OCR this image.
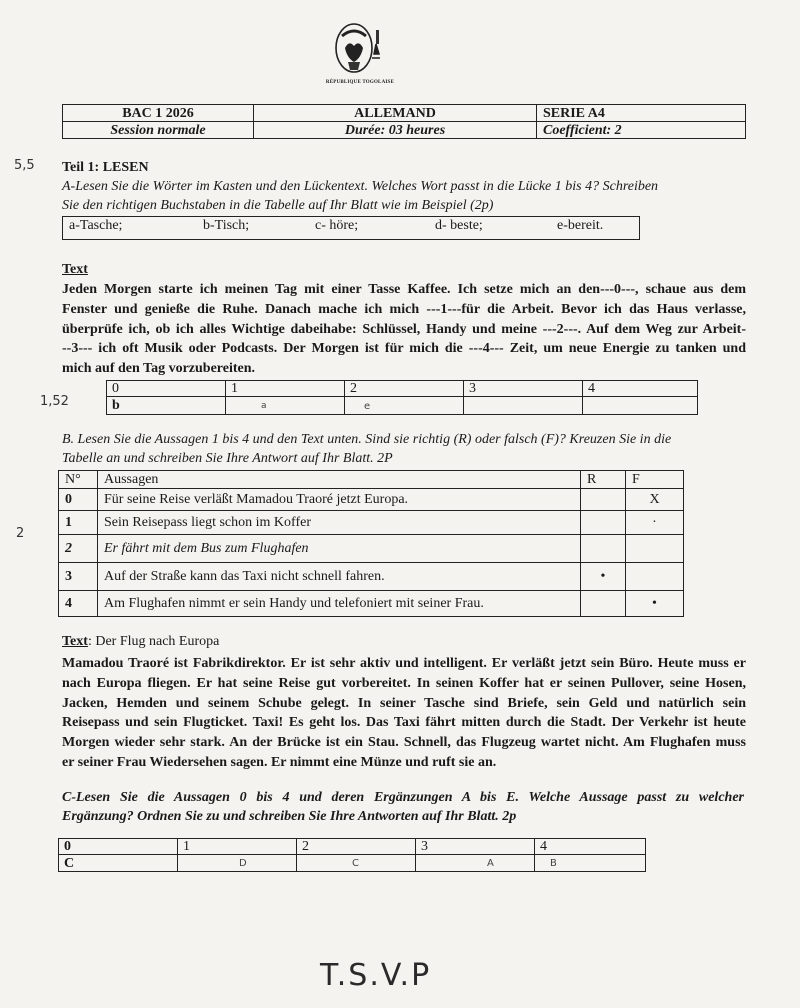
RÉPUBLIQUE TOGOLAISE
BAC 1 2026	ALLEMAND	SERIE A4
Session normale	Durée: 03 heures	Coefficient: 2
5,5
1,52
2
Teil 1: LESEN
A-Lesen Sie die Wörter im Kasten und den Lückentext. Welches Wort passt in die Lücke 1 bis 4? Schreiben
Sie den richtigen Buchstaben in die Tabelle auf Ihr Blatt wie im Beispiel (2p)
a-Tasche;	b-Tisch;	c- höre;	d- beste;	e-bereit.
Text
Jeden Morgen starte ich meinen Tag mit einer Tasse Kaffee. Ich setze mich an den---0---, schaue aus dem
Fenster und genieße die Ruhe. Danach mache ich mich ---1---für die Arbeit. Bevor ich das Haus verlasse,
überprüfe ich, ob ich alles Wichtige dabeihabe: Schlüssel, Handy und meine ---2---. Auf dem Weg zur Arbeit-
--3--- ich oft Musik oder Podcasts. Der Morgen ist für mich die ---4--- Zeit, um neue Energie zu tanken und
mich auf den Tag vorzubereiten.
0	1	2	3	4
b	a	e		
B. Lesen Sie die Aussagen 1 bis 4 und den Text unten. Sind sie richtig (R) oder falsch (F)? Kreuzen Sie in die
Tabelle an und schreiben Sie Ihre Antwort auf Ihr Blatt. 2P
N°	Aussagen	R	F
0	Für seine Reise verläßt Mamadou Traoré jetzt Europa.		X
1	Sein Reisepass liegt schon im Koffer		·
2	Er fährt mit dem Bus zum Flughafen		
3	Auf der Straße kann das Taxi nicht schnell fahren.	•	
4	Am Flughafen nimmt er sein Handy und telefoniert mit seiner Frau.		•
Text: Der Flug nach Europa
Mamadou Traoré ist Fabrikdirektor. Er ist sehr aktiv und intelligent. Er verläßt jetzt sein Büro. Heute muss er
nach Europa fliegen. Er hat seine Reise gut vorbereitet. In seinen Koffer hat er seinen Pullover, seine Hosen,
Jacken, Hemden und seinem Schube gelegt. In seiner Tasche sind Briefe, sein Geld und natürlich sein
Reisepass und sein Flugticket. Taxi! Es geht los. Das Taxi fährt mitten durch die Stadt. Der Verkehr ist heute
Morgen wieder sehr stark. An der Brücke ist ein Stau. Schnell, das Flugzeug wartet nicht. Am Flughafen muss
er seiner Frau Wiedersehen sagen. Er nimmt eine Münze und ruft sie an.
C-Lesen Sie die Aussagen 0 bis 4 und deren Ergänzungen A bis E. Welche Aussage passt zu welcher
Ergänzung? Ordnen Sie zu und schreiben Sie Ihre Antworten auf Ihr Blatt. 2p
0	1	2	3	4
C	D	C	A	B
T.S.V.P
